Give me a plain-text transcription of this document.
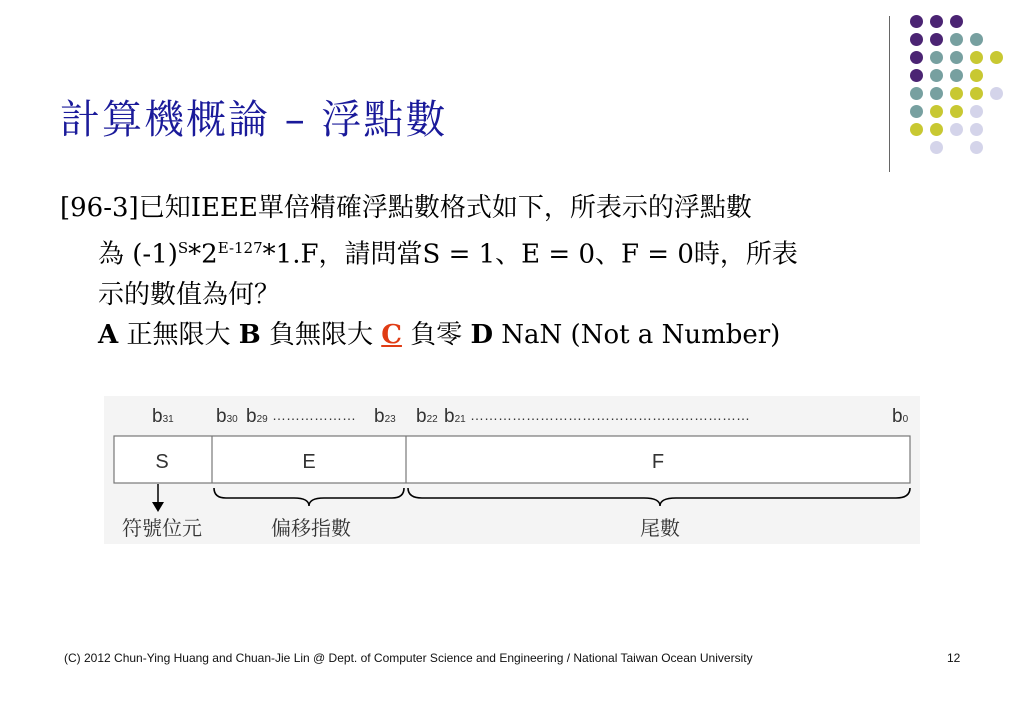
計算機概論 – 浮點數
[96-3]已知IEEE單倍精確浮點數格式如下，所表示的浮點數
為 $(-1)^S*2^{E-127}*1.F$，請問當S = 1、E = 0、F = 0時，所表
示的數值為何？
A 正無限大 B 負無限大 C 負零 D NaN (Not a Number)
b31 b30 b29 ……………… b23 b22 b21 ……………………………………………………	b0
S	E	F
符號位元	偏移指數	尾數
(C) 2012 Chun-Ying Huang and Chuan-Jie Lin @ Dept. of Computer Science and Engineering / National Taiwan Ocean University	12
